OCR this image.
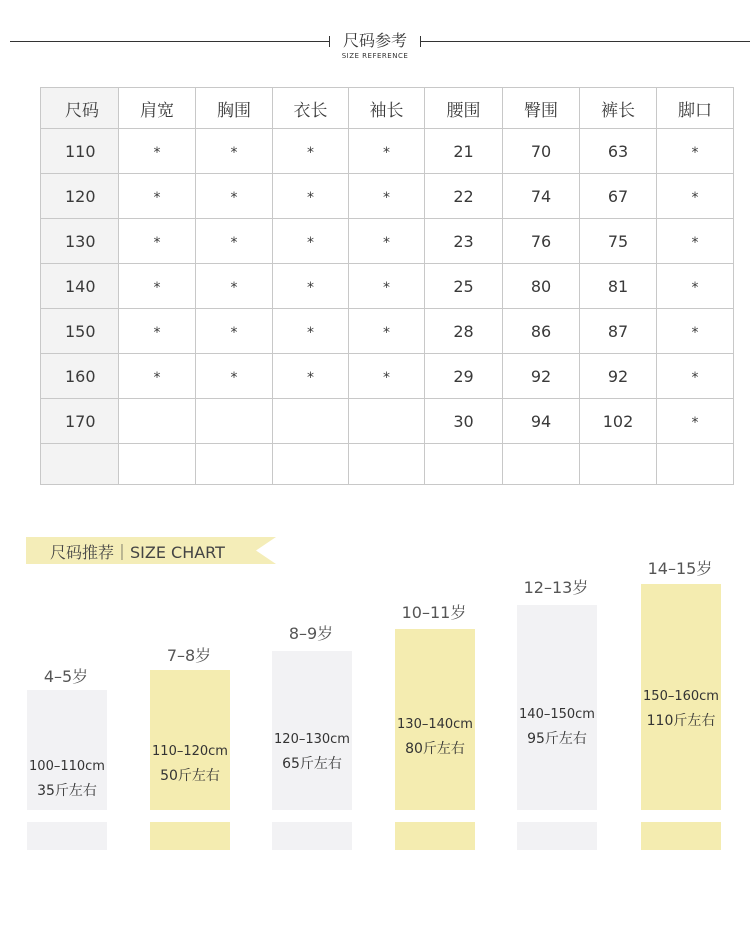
尺码参考
SIZE REFERENCE
尺码	肩宽	胸围	衣长	袖长	腰围	臀围	裤长	脚口
110	*	*	*	*	21	70	63	*
120	*	*	*	*	22	74	67	*
130	*	*	*	*	23	76	75	*
140	*	*	*	*	25	80	81	*
150	*	*	*	*	28	86	87	*
160	*	*	*	*	29	92	92	*
170					30	94	102	*

尺码推荐｜SIZE CHART
4–5岁
100–110cm
35斤左右
7–8岁
110–120cm
50斤左右
8–9岁
120–130cm
65斤左右
10–11岁
130–140cm
80斤左右
12–13岁
140–150cm
95斤左右
14–15岁
150–160cm
110斤左右
